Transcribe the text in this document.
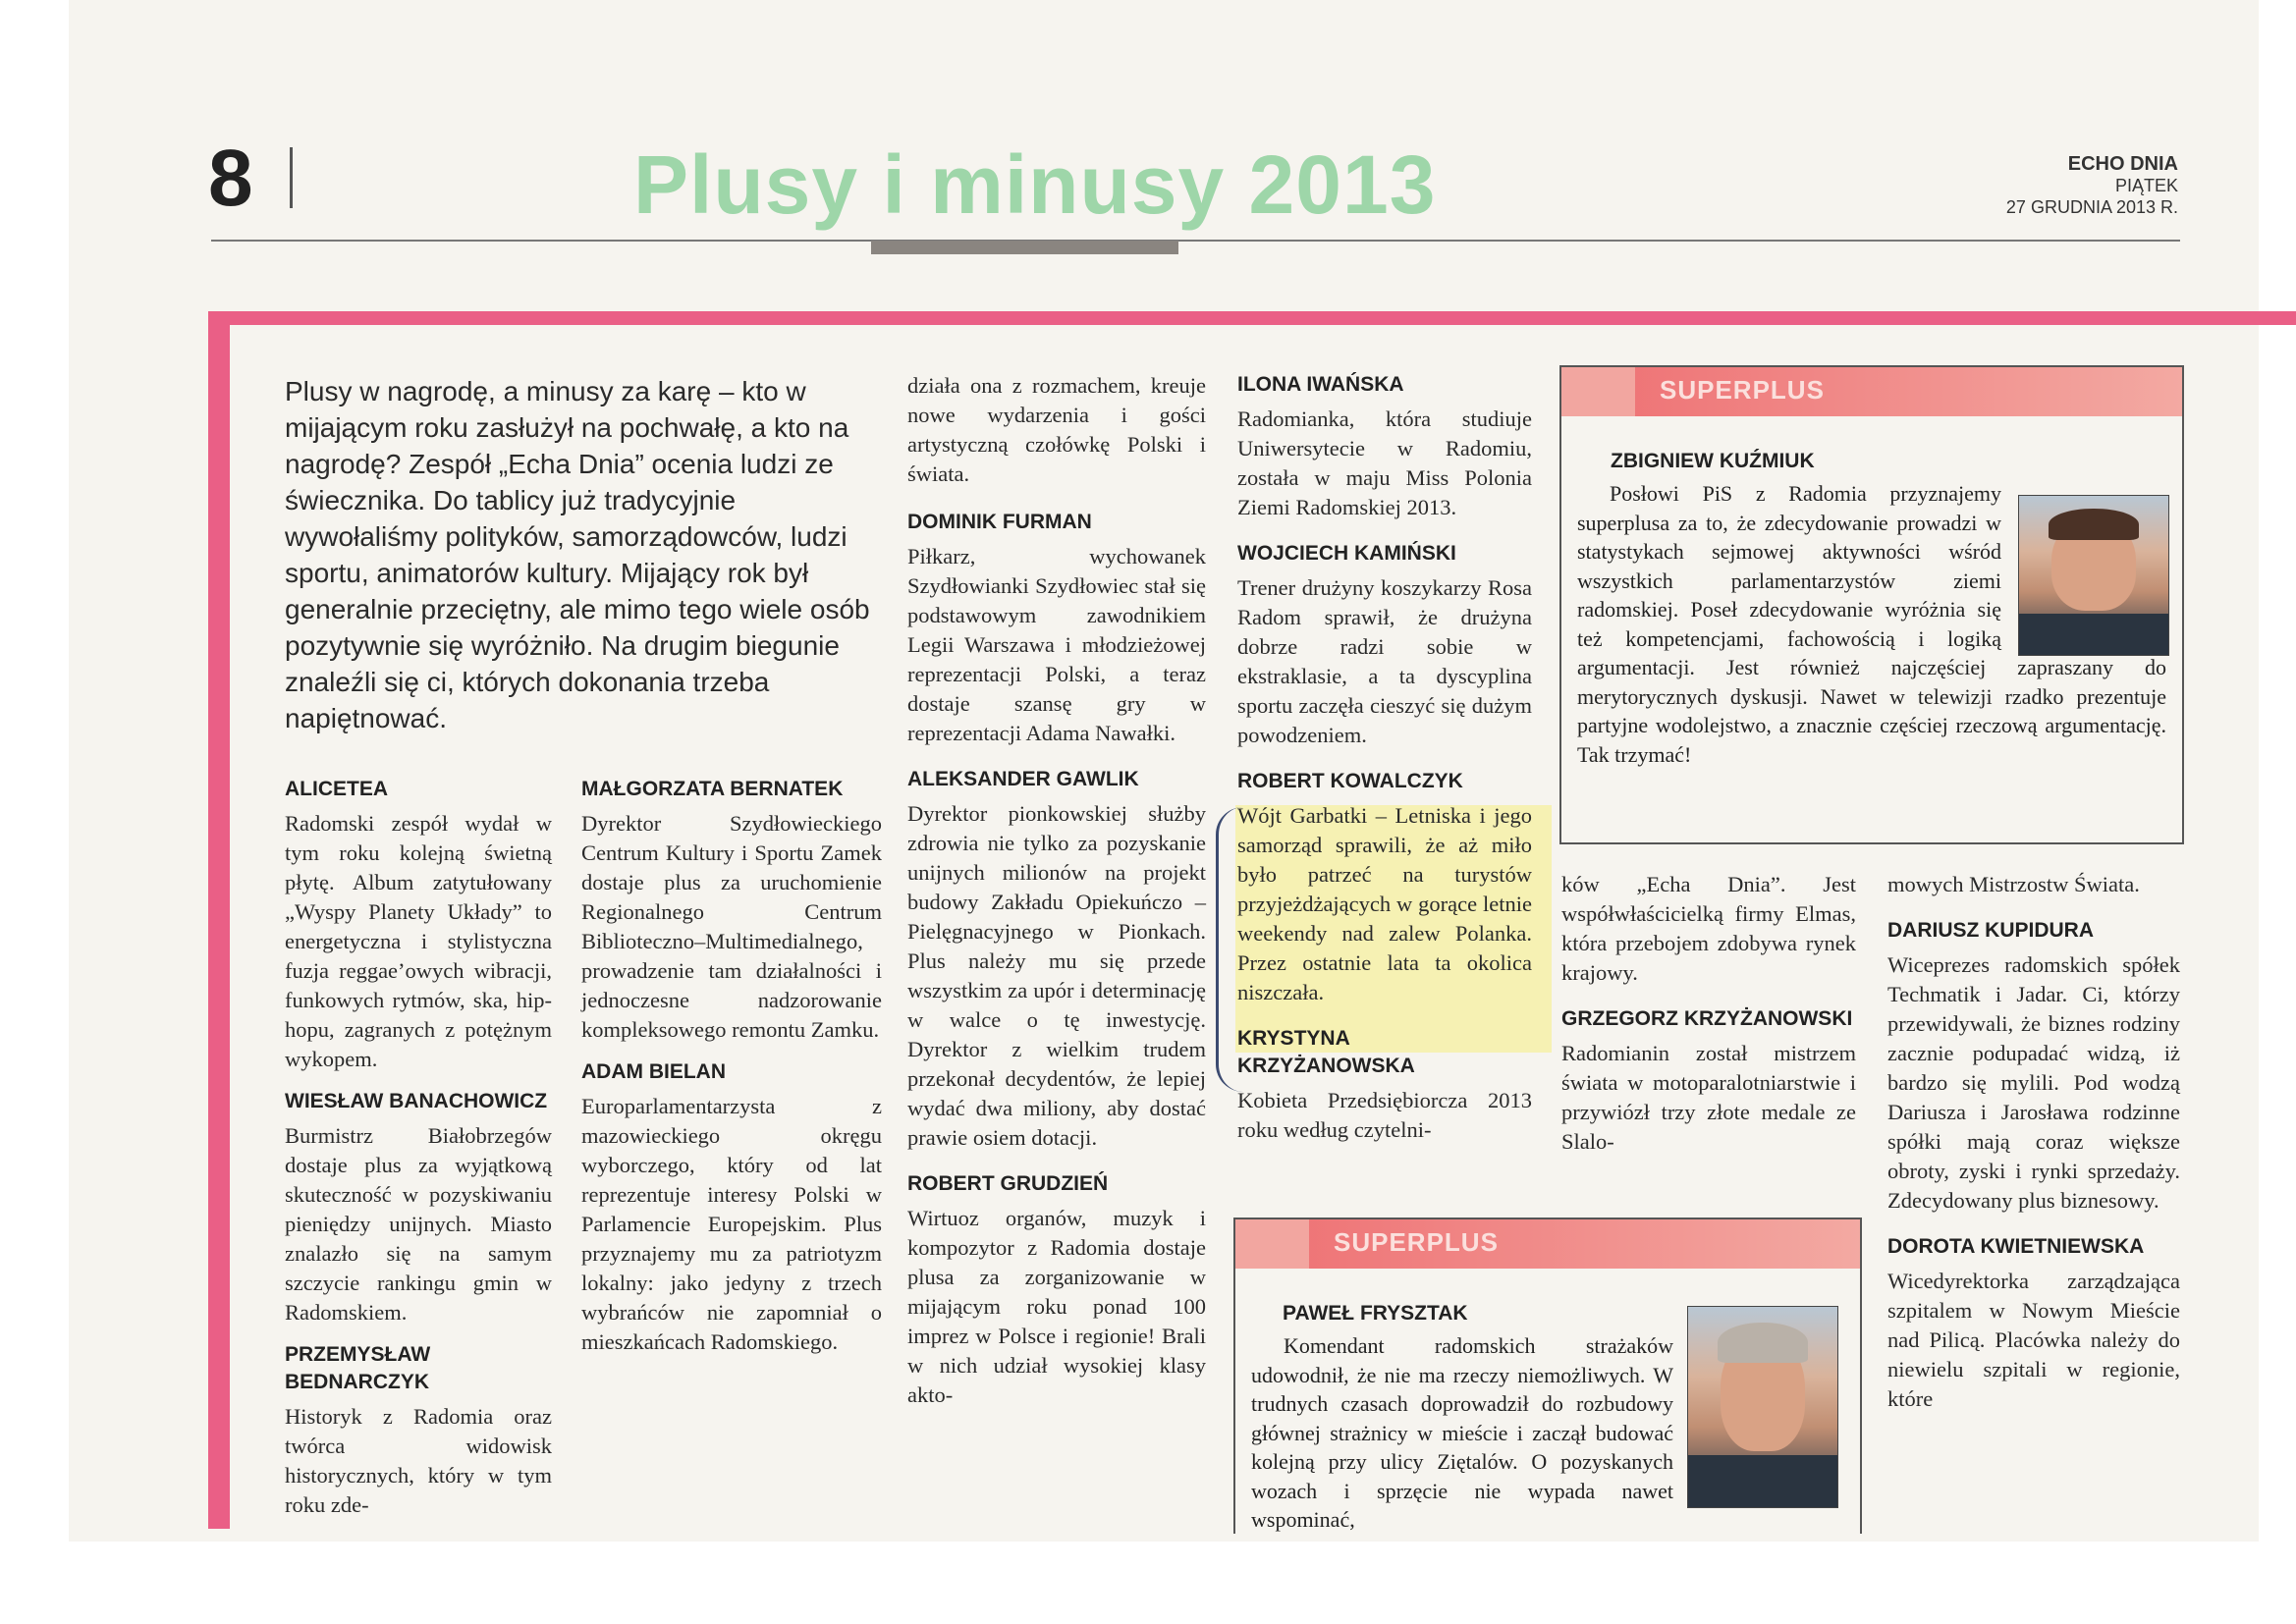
8	Plusy i minusy 2013	ECHO DNIA
PIĄTEK
27 GRUDNIA 2013 R.
Plusy w nagrodę, a minusy za karę – kto w mijającym roku zasłużył na pochwałę, a kto na nagrodę? Zespół „Echa Dnia” ocenia ludzi ze świecznika. Do tablicy już tradycyjnie wywołaliśmy polityków, samorządowców, ludzi sportu, animatorów kultury. Mijający rok był generalnie przeciętny, ale mimo tego wiele osób pozytywnie się wyróżniło. Na drugim biegunie znaleźli się ci, których dokonania trzeba napiętnować.
ALICETEA
Radomski zespół wydał w tym roku kolejną świetną płytę. Album zatytułowany „Wyspy Planety Układy” to energetyczna i stylistyczna fuzja reggae’owych wibracji, funkowych rytmów, ska, hip-hopu, zagranych z potężnym wykopem.
WIESŁAW BANACHOWICZ
Burmistrz Białobrzegów dostaje plus za wyjątkową skuteczność w pozyskiwaniu pieniędzy unijnych. Miasto znalazło się na samym szczycie rankingu gmin w Radomskiem.
PRZEMYSŁAW BEDNARCZYK
Historyk z Radomia oraz twórca widowisk historycznych, który w tym roku zde-
MAŁGORZATA BERNATEK
Dyrektor Szydłowieckiego Centrum Kultury i Sportu Zamek dostaje plus za uruchomienie Regionalnego Centrum Biblioteczno–Multimedialnego, prowadzenie tam działalności i jednoczesne nadzorowanie kompleksowego remontu Zamku.
ADAM BIELAN
Europarlamentarzysta z mazowieckiego okręgu wyborczego, który od lat reprezentuje interesy Polski w Parlamencie Europejskim. Plus przyznajemy mu za patriotyzm lokalny: jako jedyny z trzech wybrańców nie zapomniał o mieszkańcach Radomskiego.
działa ona z rozmachem, kreuje nowe wydarzenia i gości artystyczną czołówkę Polski i świata.
DOMINIK FURMAN
Piłkarz, wychowanek Szydłowianki Szydłowiec stał się podstawowym zawodnikiem Legii Warszawa i młodzieżowej reprezentacji Polski, a teraz dostaje szansę gry w reprezentacji Adama Nawałki.
ALEKSANDER GAWLIK
Dyrektor pionkowskiej służby zdrowia nie tylko za pozyskanie unijnych milionów na projekt budowy Zakładu Opiekuńczo – Pielęgnacyjnego w Pionkach. Plus należy mu się przede wszystkim za upór i determinację w walce o tę inwestycję. Dyrektor z wielkim trudem przekonał decydentów, że lepiej wydać dwa miliony, aby dostać prawie osiem dotacji.
ROBERT GRUDZIEŃ
Wirtuoz organów, muzyk i kompozytor z Radomia dostaje plusa za zorganizowanie w mijającym roku ponad 100 imprez w Polsce i regionie! Brali w nich udział wysokiej klasy akto-
ILONA IWAŃSKA
Radomianka, która studiuje Uniwersytecie w Radomiu, została w maju Miss Polonia Ziemi Radomskiej 2013.
WOJCIECH KAMIŃSKI
Trener drużyny koszykarzy Rosa Radom sprawił, że drużyna dobrze radzi sobie w ekstraklasie, a ta dyscyplina sportu zaczęła cieszyć się dużym powodzeniem.
ROBERT KOWALCZYK
Wójt Garbatki – Letniska i jego samorząd sprawili, że aż miło było patrzeć na turystów przyjeżdżających w gorące letnie weekendy nad zalew Polanka. Przez ostatnie lata ta okolica niszczała.
KRYSTYNA KRZYŻANOWSKA
Kobieta Przedsiębiorcza 2013 roku według czytelni-
SUPERPLUS
ZBIGNIEW KUŹMIUK
Posłowi PiS z Radomia przyznajemy superplusa za to, że zdecydowanie prowadzi w statystykach sejmowej aktywności wśród wszystkich parlamentarzystów ziemi radomskiej. Poseł zdecydowanie wyróżnia się też kompetencjami, fachowością i logiką argumentacji. Jest również najczęściej zapraszany do merytorycznych dyskusji. Nawet w telewizji rzadko prezentuje partyjne wodolejstwo, a znacznie częściej rzeczową argumentację. Tak trzymać!
ków „Echa Dnia”. Jest współwłaścicielką firmy Elmas, która przebojem zdobywa rynek krajowy.
GRZEGORZ KRZYŻANOWSKI
Radomianin został mistrzem świata w motoparalotniarstwie i przywiózł trzy złote medale ze Slalo-
mowych Mistrzostw Świata.
DARIUSZ KUPIDURA
Wiceprezes radomskich spółek Techmatik i Jadar. Ci, którzy przewidywali, że biznes rodziny zacznie podupadać widzą, iż bardzo się mylili. Pod wodzą Dariusza i Jarosława rodzinne spółki mają coraz większe obroty, zyski i rynki sprzedaży. Zdecydowany plus biznesowy.
DOROTA KWIETNIEWSKA
Wicedyrektorka zarządzająca szpitalem w Nowym Mieście nad Pilicą. Placówka należy do niewielu szpitali w regionie, które
SUPERPLUS
PAWEŁ FRYSZTAK
Komendant radomskich strażaków udowodnił, że nie ma rzeczy niemożliwych. W trudnych czasach doprowadził do rozbudowy głównej strażnicy w mieście i zaczął budować kolejną przy ulicy Ziętalów. O pozyskanych wozach i sprzęcie nie wypada nawet wspominać,
